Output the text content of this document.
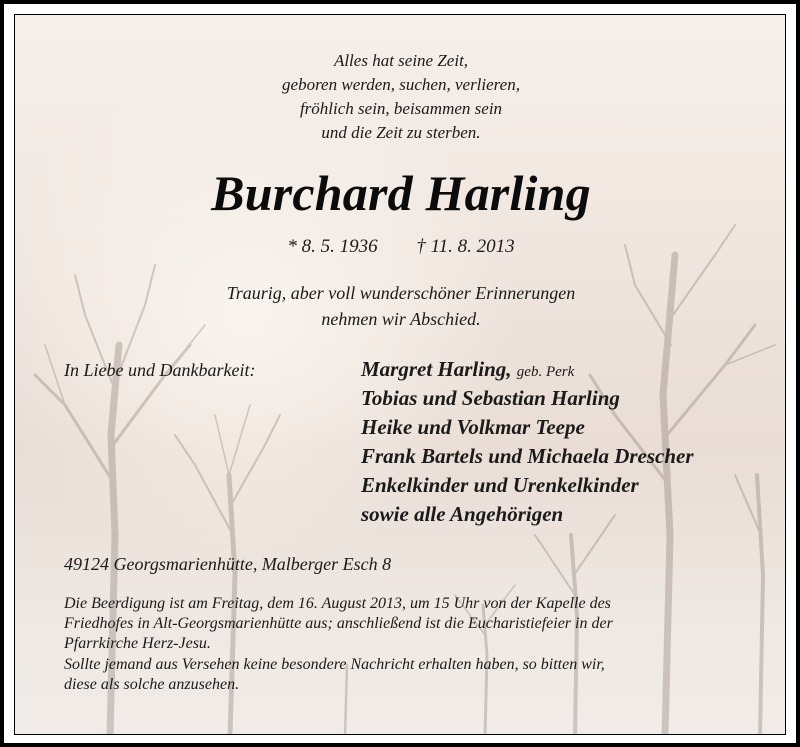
Alles hat seine Zeit,
geboren werden, suchen, verlieren,
fröhlich sein, beisammen sein
und die Zeit zu sterben.
Burchard Harling
* 8. 5. 1936 † 11. 8. 2013
Traurig, aber voll wunderschöner Erinnerungen
nehmen wir Abschied.
In Liebe und Dankbarkeit:	Margret Harling, geb. Perk
Tobias und Sebastian Harling
Heike und Volkmar Teepe
Frank Bartels und Michaela Drescher
Enkelkinder und Urenkelkinder
sowie alle Angehörigen
49124 Georgsmarienhütte, Malberger Esch 8
Die Beerdigung ist am Freitag, dem 16. August 2013, um 15 Uhr von der Kapelle des
Friedhofes in Alt-Georgsmarienhütte aus; anschließend ist die Eucharistiefeier in der
Pfarrkirche Herz-Jesu.
Sollte jemand aus Versehen keine besondere Nachricht erhalten haben, so bitten wir,
diese als solche anzusehen.
